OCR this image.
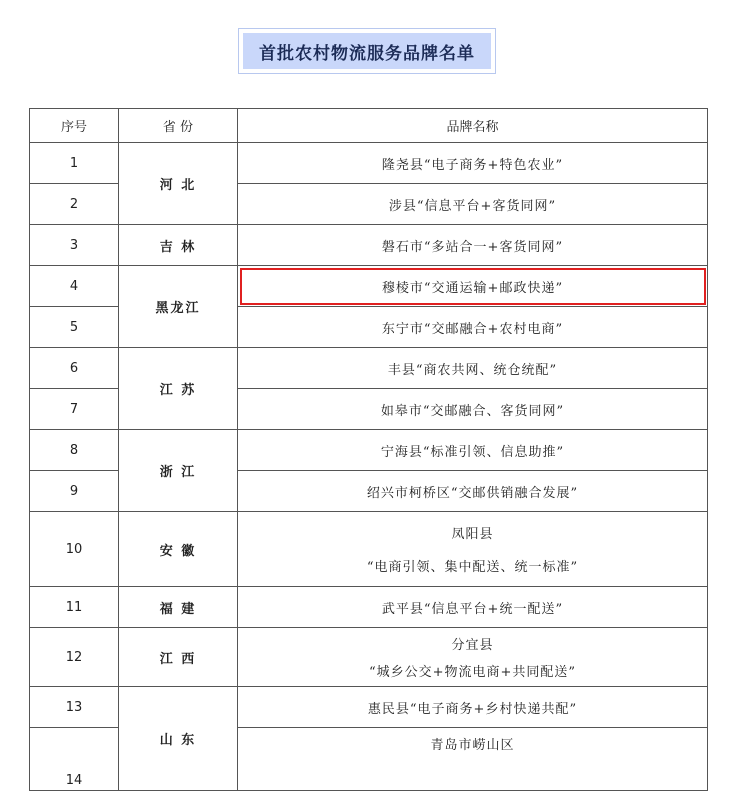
首批农村物流服务品牌名单
序号	省 份	品牌名称
1	河 北	隆尧县“电子商务+特色农业”
2		涉县“信息平台+客货同网”
3	吉 林	磐石市“多站合一+客货同网”
4	黑龙江	穆棱市“交通运输+邮政快递”
5		东宁市“交邮融合+农村电商”
6	江 苏	丰县“商农共网、统仓统配”
7		如皋市“交邮融合、客货同网”
8	浙 江	宁海县“标准引领、信息助推”
9		绍兴市柯桥区“交邮供销融合发展”
10	安 徽	凤阳县
“电商引领、集中配送、统一标准”

11	福 建	武平县“信息平台+统一配送”
12	江 西	分宜县
“城乡公交+物流电商+共同配送”

13	山 东	惠民县“电子商务+乡村快递共配”
14		青岛市崂山区
